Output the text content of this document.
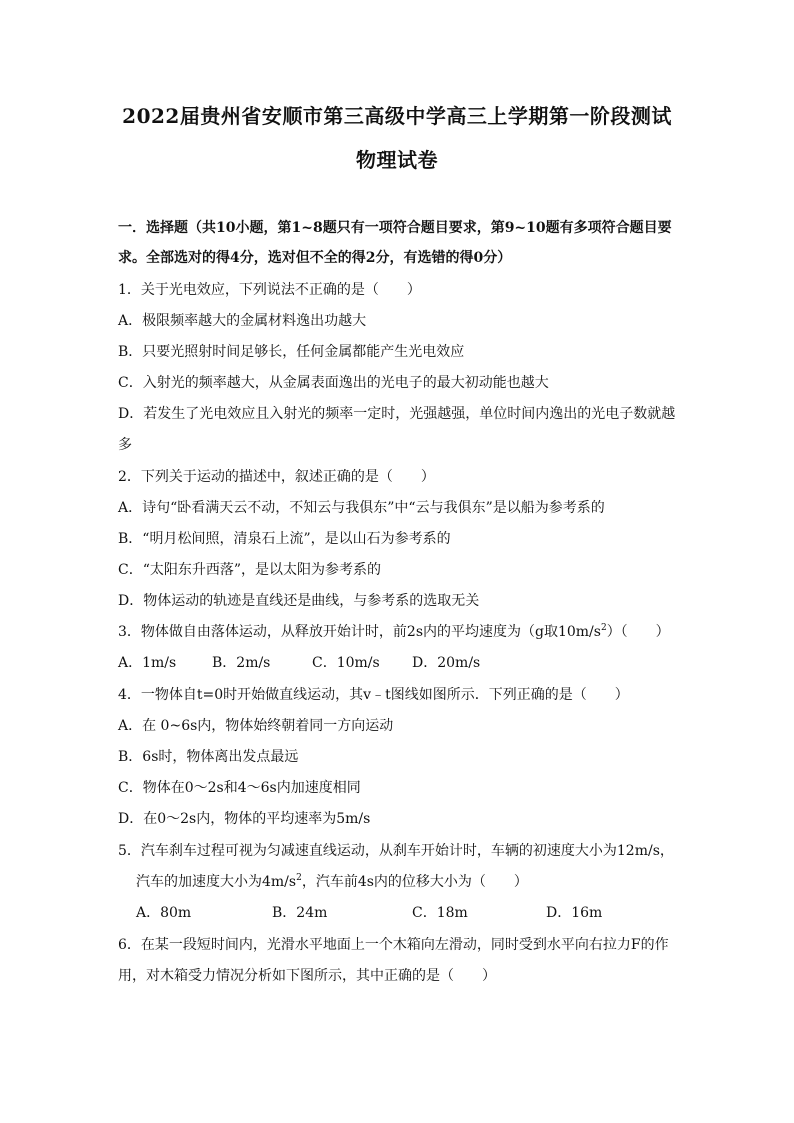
2022届贵州省安顺市第三高级中学高三上学期第一阶段测试
物理试卷
一．选择题（共10小题，第1~8题只有一项符合题目要求，第9~10题有多项符合题目要
求。全部选对的得4分，选对但不全的得2分，有选错的得0分）
1．关于光电效应，下列说法不正确的是（　　）
A．极限频率越大的金属材料逸出功越大
B．只要光照射时间足够长，任何金属都能产生光电效应
C．入射光的频率越大，从金属表面逸出的光电子的最大初动能也越大
D．若发生了光电效应且入射光的频率一定时，光强越强，单位时间内逸出的光电子数就越
多
2．下列关于运动的描述中，叙述正确的是（　　）
A．诗句“卧看满天云不动，不知云与我俱东”中“云与我俱东”是以船为参考系的
B．“明月松间照，清泉石上流”，是以山石为参考系的
C．“太阳东升西落”，是以太阳为参考系的
D．物体运动的轨迹是直线还是曲线，与参考系的选取无关
3．物体做自由落体运动，从释放开始计时，前2s内的平均速度为（g取$10m/s^2$）（　　）
A．1m/s	B．2m/s	C．10m/s D．20m/s
4．一物体自t=0时开始做直线运动，其v﹣t图线如图所示．下列正确的是（　　）
A．在 0~6s内，物体始终朝着同一方向运动
B．6s时，物体离出发点最远
C．物体在0～2s和4～6s内加速度相同
D．在0～2s内，物体的平均速率为5m/s
5．汽车刹车过程可视为匀减速直线运动，从刹车开始计时，车辆的初速度大小为12m/s，
汽车的加速度大小为$4m/s^2$，汽车前4s内的位移大小为（　　）
A．80m	B．24m	C．18m	D．16m
6．在某一段短时间内，光滑水平地面上一个木箱向左滑动，同时受到水平向右拉力F的作
用，对木箱受力情况分析如下图所示，其中正确的是（　　）
